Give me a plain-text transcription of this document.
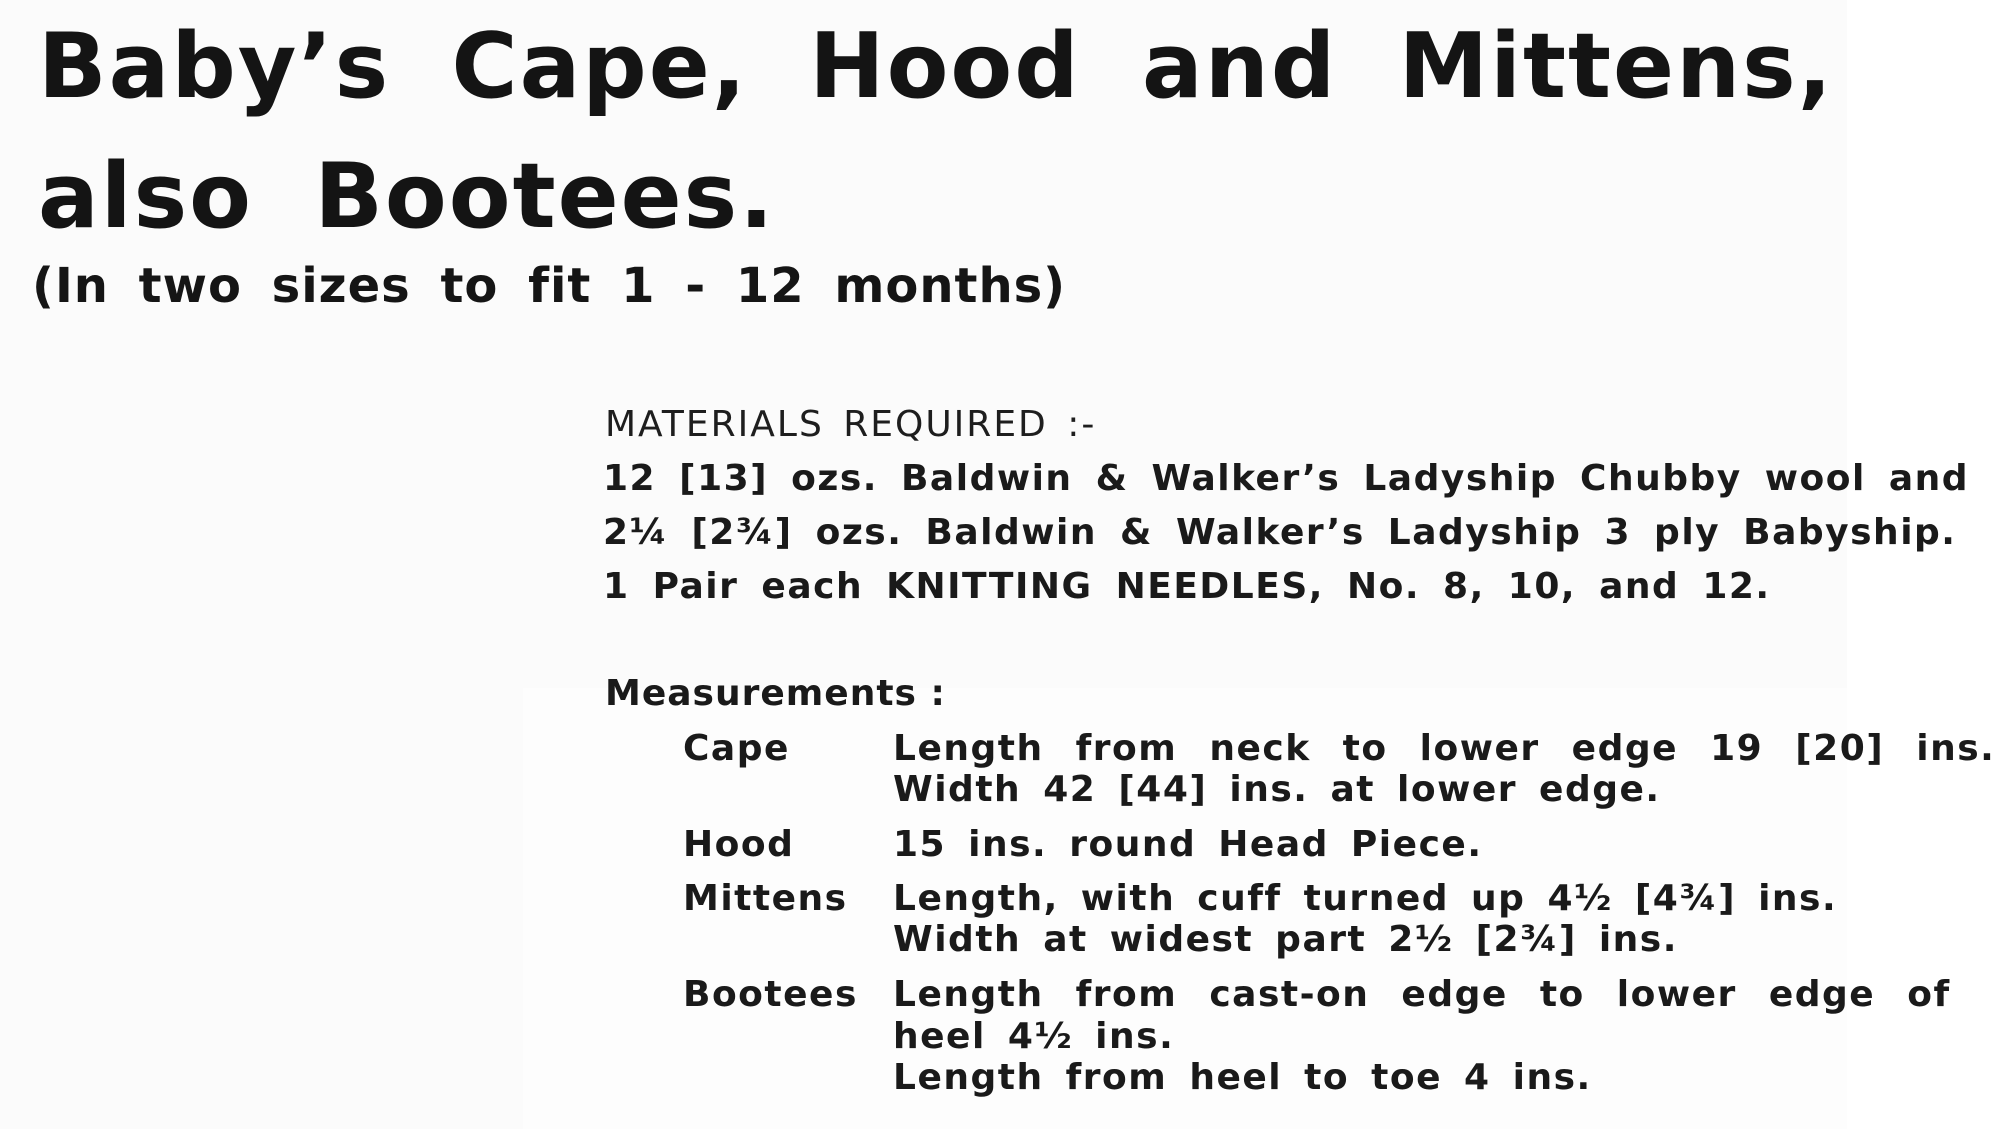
Baby’s Cape, Hood and Mittens,
also Bootees.
(In two sizes to fit 1 - 12 months)
MATERIALS REQUIRED :-
12 [13] ozs. Baldwin & Walker’s Ladyship Chubby wool and
2¼ [2¾] ozs. Baldwin & Walker’s Ladyship 3 ply Babyship.
1 Pair each KNITTING NEEDLES, No. 8, 10, and 12.
Measurements :
Cape	Length from neck to lower edge 19 [20] ins.
Width 42 [44] ins. at lower edge.
Hood	15 ins. round Head Piece.
Mittens Length, with cuff turned up 4½ [4¾] ins.
Width at widest part 2½ [2¾] ins.
Bootees Length from cast-on edge to lower edge of
heel 4½ ins.
Length from heel to toe 4 ins.
